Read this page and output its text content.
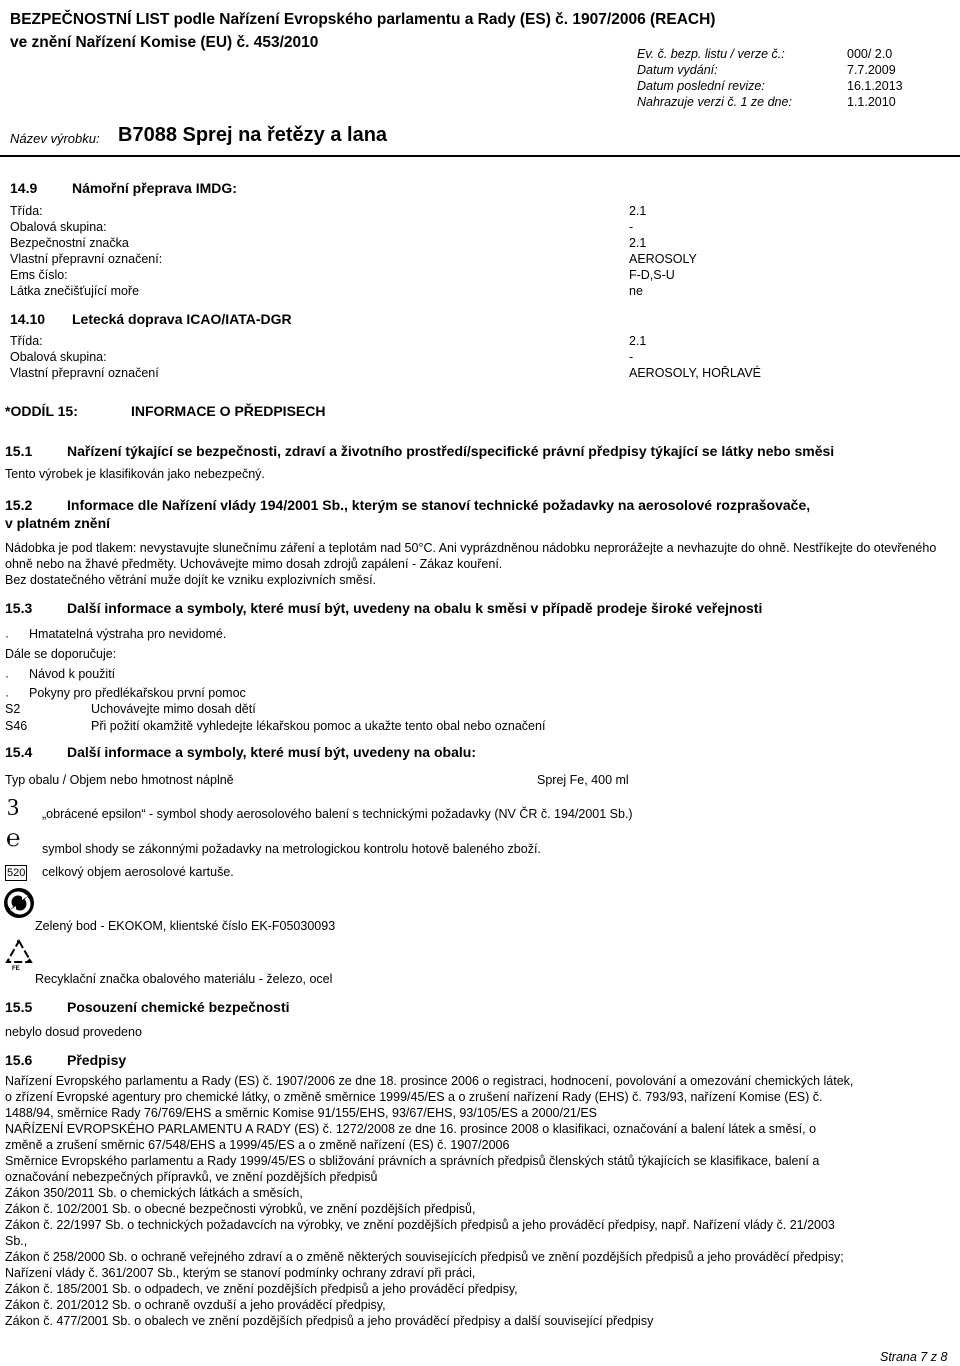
BEZPEČNOSTNÍ LIST podle Nařízení Evropského parlamentu a Rady (ES) č. 1907/2006 (REACH)
ve znění Nařízení Komise (EU) č. 453/2010
Ev. č. bezp. listu / verze č.:	000/ 2.0
Datum vydání:	7.7.2009
Datum poslední revize:	16.1.2013
Nahrazuje verzi č. 1 ze dne:	1.1.2010
Název výrobku: B7088 Sprej na řetězy a lana
14.9 Námořní přeprava IMDG:
Třída:	2.1
Obalová skupina:	-
Bezpečnostní značka	2.1
Vlastní přepravní označení:	AEROSOLY
Ems číslo:	F-D,S-U
Látka znečišťující moře	ne
14.10 Letecká doprava ICAO/IATA-DGR
Třída:	2.1
Obalová skupina:	-
Vlastní přepravní označení	AEROSOLY, HOŘLAVÉ
*ODDÍL 15:	INFORMACE O PŘEDPISECH
15.1 Nařízení týkající se bezpečnosti, zdraví a životního prostředí/specifické právní předpisy týkající se látky nebo směsi
Tento výrobek je klasifikován jako nebezpečný.
15.2 Informace dle Nařízení vlády 194/2001 Sb., kterým se stanoví technické požadavky na aerosolové rozprašovače,
v platném znění
Nádobka je pod tlakem: nevystavujte slunečnímu záření a teplotám nad 50°C. Ani vyprázdněnou nádobku neprorážejte a nevhazujte do ohně. Nestříkejte do otevřeného ohně nebo na žhavé předměty. Uchovávejte mimo dosah zdrojů zapálení - Zákaz kouření.
Bez dostatečného větrání muže dojít ke vzniku explozivních směsí.
15.3 Další informace a symboly, které musí být, uvedeny na obalu k směsi v případě prodeje široké veřejnosti
· Hmatatelná výstraha pro nevidomé.
Dále se doporučuje:
· Návod k použití
· Pokyny pro předlékařskou první pomoc
S2	Uchovávejte mimo dosah dětí
S46	Při požití okamžitě vyhledejte lékařskou pomoc a ukažte tento obal nebo označení
15.4 Další informace a symboly, které musí být, uvedeny na obalu:
Typ obalu / Objem nebo hmotnost náplně	Sprej Fe, 400 ml
3 „obrácené epsilon“ - symbol shody aerosolového balení s technickými požadavky (NV ČR č. 194/2001 Sb.)
℮ symbol shody se zákonnými požadavky na metrologickou kontrolu hotově baleného zboží.
520 celkový objem aerosolové kartuše.
Zelený bod - EKOKOM, klientské číslo EK-F05030093
FE
Recyklační značka obalového materiálu - železo, ocel
15.5 Posouzení chemické bezpečnosti
nebylo dosud provedeno
15.6 Předpisy
Nařízení Evropského parlamentu a Rady (ES) č. 1907/2006 ze dne 18. prosince 2006 o registraci, hodnocení, povolování a omezování chemických látek,
o zřízení Evropské agentury pro chemické látky, o změně směrnice 1999/45/ES a o zrušení nařízení Rady (EHS) č. 793/93, nařízení Komise (ES) č.
1488/94, směrnice Rady 76/769/EHS a směrnic Komise 91/155/EHS, 93/67/EHS, 93/105/ES a 2000/21/ES
NAŘÍZENÍ EVROPSKÉHO PARLAMENTU A RADY (ES) č. 1272/2008 ze dne 16. prosince 2008 o klasifikaci, označování a balení látek a směsí, o
změně a zrušení směrnic 67/548/EHS a 1999/45/ES a o změně nařízení (ES) č. 1907/2006
Směrnice Evropského parlamentu a Rady 1999/45/ES o sbližování právních a správních předpisů členských států týkajících se klasifikace, balení a
označování nebezpečných přípravků, ve znění pozdějších předpisů
Zákon 350/2011 Sb. o chemických látkách a směsích,
Zákon č. 102/2001 Sb. o obecné bezpečnosti výrobků, ve znění pozdějších předpisů,
Zákon č. 22/1997 Sb. o technických požadavcích na výrobky, ve znění pozdějších předpisů a jeho prováděcí předpisy, např. Nařízení vlády č. 21/2003
Sb.,
Zákon č 258/2000 Sb. o ochraně veřejného zdraví a o změně některých souvisejících předpisů ve znění pozdějších předpisů a jeho prováděcí předpisy;
Nařízení vlády č. 361/2007 Sb., kterým se stanoví podmínky ochrany zdraví při práci,
Zákon č. 185/2001 Sb. o odpadech, ve znění pozdějších předpisů a jeho prováděcí předpisy,
Zákon č. 201/2012 Sb. o ochraně ovzduší a jeho prováděcí předpisy,
Zákon č. 477/2001 Sb. o obalech ve znění pozdějších předpisů a jeho prováděcí předpisy a další související předpisy
Strana 7 z 8
